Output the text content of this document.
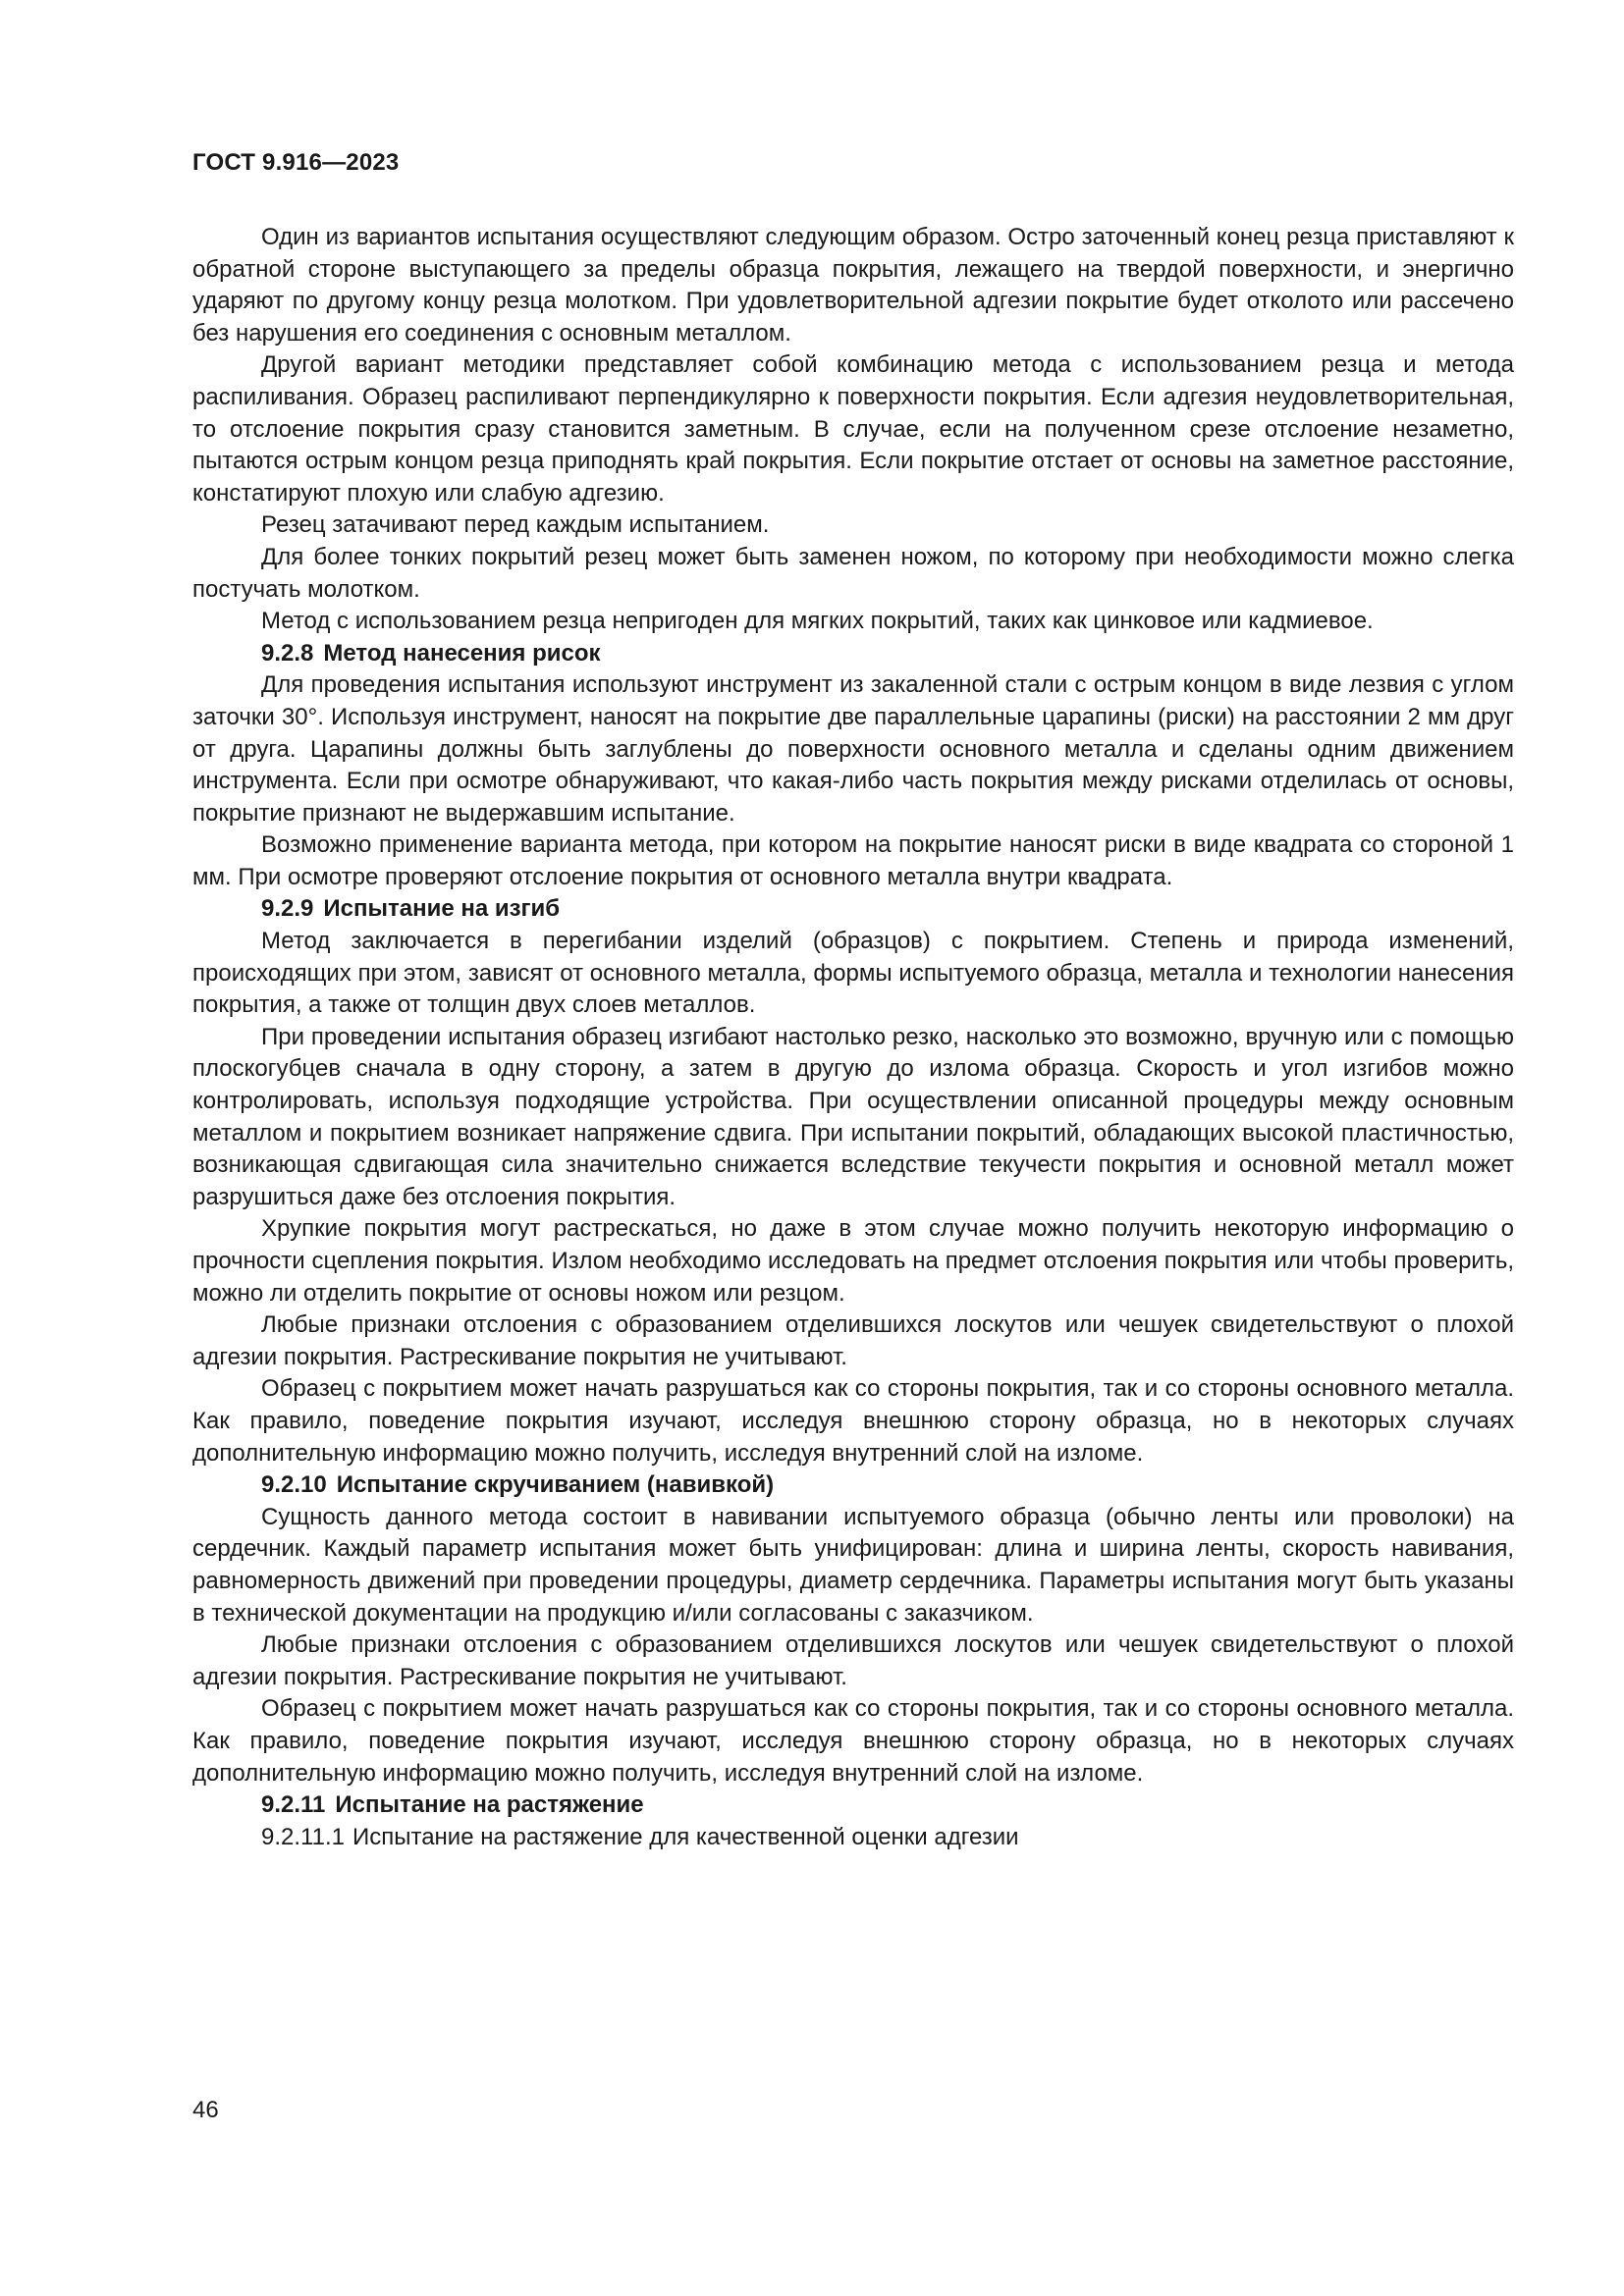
ГОСТ 9.916—2023

Один из вариантов испытания осуществляют следующим образом. Остро заточенный конец резца приставляют к обратной стороне выступающего за пределы образца покрытия, лежащего на твердой поверхности, и энергично ударяют по другому концу резца молотком. При удовлетворительной адгезии покрытие будет отколото или рассечено без нарушения его соединения с основным металлом.

Другой вариант методики представляет собой комбинацию метода с использованием резца и метода распиливания. Образец распиливают перпендикулярно к поверхности покрытия. Если адгезия неудовлетворительная, то отслоение покрытия сразу становится заметным. В случае, если на полученном срезе отслоение незаметно, пытаются острым концом резца приподнять край покрытия. Если покрытие отстает от основы на заметное расстояние, констатируют плохую или слабую адгезию.

Резец затачивают перед каждым испытанием.

Для более тонких покрытий резец может быть заменен ножом, по которому при необходимости можно слегка постучать молотком.

Метод с использованием резца непригоден для мягких покрытий, таких как цинковое или кадмиевое.

9.2.8 Метод нанесения рисок

Для проведения испытания используют инструмент из закаленной стали с острым концом в виде лезвия с углом заточки 30°. Используя инструмент, наносят на покрытие две параллельные царапины (риски) на расстоянии 2 мм друг от друга. Царапины должны быть заглублены до поверхности основного металла и сделаны одним движением инструмента. Если при осмотре обнаруживают, что какая-либо часть покрытия между рисками отделилась от основы, покрытие признают не выдержавшим испытание.

Возможно применение варианта метода, при котором на покрытие наносят риски в виде квадрата со стороной 1 мм. При осмотре проверяют отслоение покрытия от основного металла внутри квадрата.

9.2.9 Испытание на изгиб

Метод заключается в перегибании изделий (образцов) с покрытием. Степень и природа изменений, происходящих при этом, зависят от основного металла, формы испытуемого образца, металла и технологии нанесения покрытия, а также от толщин двух слоев металлов.

При проведении испытания образец изгибают настолько резко, насколько это возможно, вручную или с помощью плоскогубцев сначала в одну сторону, а затем в другую до излома образца. Скорость и угол изгибов можно контролировать, используя подходящие устройства. При осуществлении описанной процедуры между основным металлом и покрытием возникает напряжение сдвига. При испытании покрытий, обладающих высокой пластичностью, возникающая сдвигающая сила значительно снижается вследствие текучести покрытия и основной металл может разрушиться даже без отслоения покрытия.

Хрупкие покрытия могут растрескаться, но даже в этом случае можно получить некоторую информацию о прочности сцепления покрытия. Излом необходимо исследовать на предмет отслоения покрытия или чтобы проверить, можно ли отделить покрытие от основы ножом или резцом.

Любые признаки отслоения с образованием отделившихся лоскутов или чешуек свидетельствуют о плохой адгезии покрытия. Растрескивание покрытия не учитывают.

Образец с покрытием может начать разрушаться как со стороны покрытия, так и со стороны основного металла. Как правило, поведение покрытия изучают, исследуя внешнюю сторону образца, но в некоторых случаях дополнительную информацию можно получить, исследуя внутренний слой на изломе.

9.2.10 Испытание скручиванием (навивкой)

Сущность данного метода состоит в навивании испытуемого образца (обычно ленты или проволоки) на сердечник. Каждый параметр испытания может быть унифицирован: длина и ширина ленты, скорость навивания, равномерность движений при проведении процедуры, диаметр сердечника. Параметры испытания могут быть указаны в технической документации на продукцию и/или согласованы с заказчиком.

Любые признаки отслоения с образованием отделившихся лоскутов или чешуек свидетельствуют о плохой адгезии покрытия. Растрескивание покрытия не учитывают.

Образец с покрытием может начать разрушаться как со стороны покрытия, так и со стороны основного металла. Как правило, поведение покрытия изучают, исследуя внешнюю сторону образца, но в некоторых случаях дополнительную информацию можно получить, исследуя внутренний слой на изломе.

9.2.11 Испытание на растяжение

9.2.11.1 Испытание на растяжение для качественной оценки адгезии

46
